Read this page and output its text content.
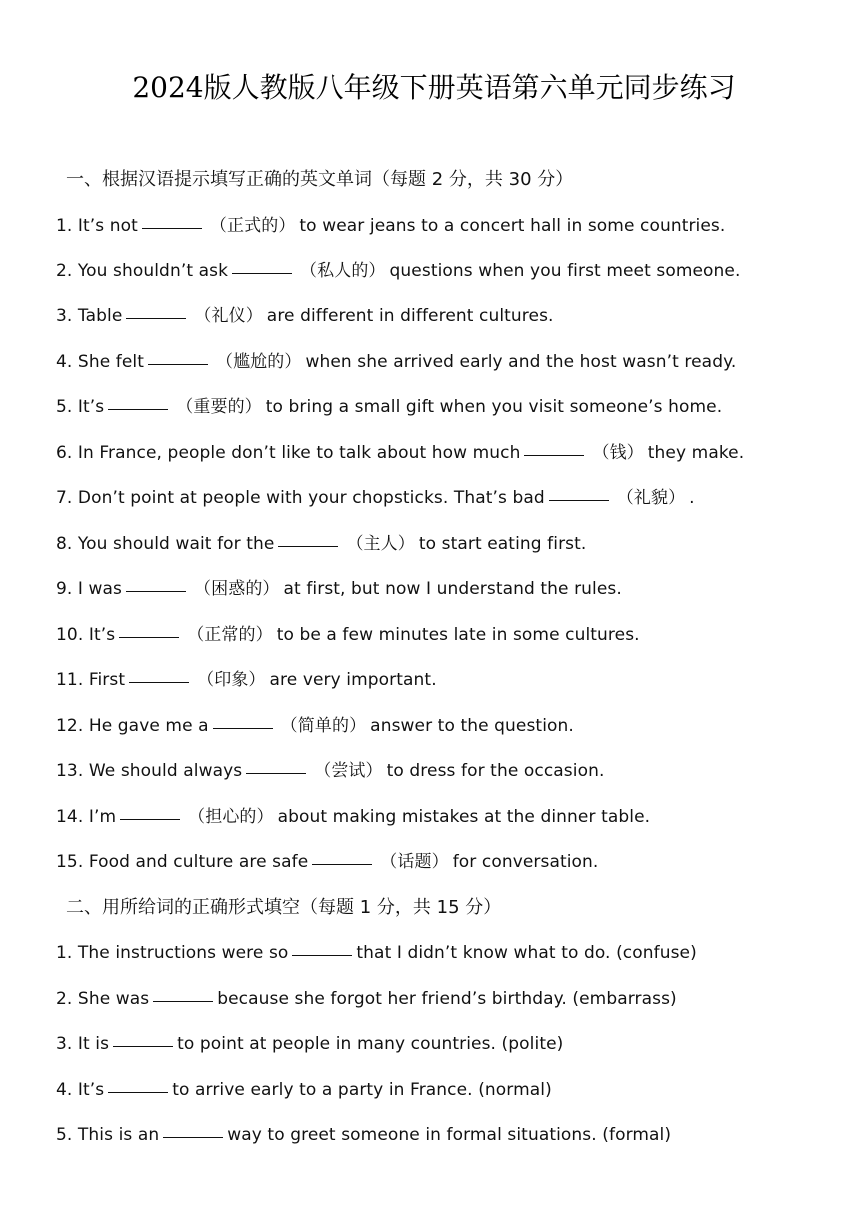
2024版人教版八年级下册英语第六单元同步练习
一、根据汉语提示填写正确的英文单词（每题 2 分，共 30 分）
1. It’s not	（正式的） to wear jeans to a concert hall in some countries.
2. You shouldn’t ask	（私人的） questions when you first meet someone.
3. Table	（礼仪） are different in different cultures.
4. She felt	（尴尬的） when she arrived early and the host wasn’t ready.
5. It’s	（重要的） to bring a small gift when you visit someone’s home.
6. In France, people don’t like to talk about how much	（钱） they make.
7. Don’t point at people with your chopsticks. That’s bad	（礼貌） .
8. You should wait for the	（主人） to start eating first.
9. I was	（困惑的） at first, but now I understand the rules.
10. It’s	（正常的） to be a few minutes late in some cultures.
11. First	（印象） are very important.
12. He gave me a	（简单的） answer to the question.
13. We should always	（尝试） to dress for the occasion.
14. I’m	（担心的） about making mistakes at the dinner table.
15. Food and culture are safe	（话题） for conversation.
二、用所给词的正确形式填空（每题 1 分，共 15 分）
1. The instructions were so	that I didn’t know what to do. (confuse)
2. She was	because she forgot her friend’s birthday. (embarrass)
3. It is	to point at people in many countries. (polite)
4. It’s	to arrive early to a party in France. (normal)
5. This is an	way to greet someone in formal situations. (formal)
